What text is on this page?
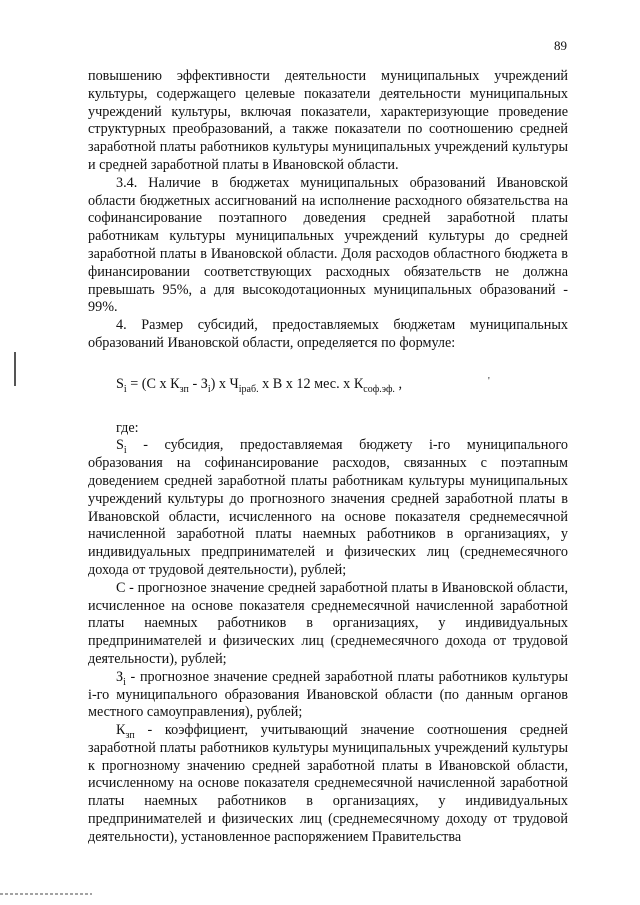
89

повышению эффективности деятельности муниципальных учреждений культуры, содержащего целевые показатели деятельности муниципальных учреждений культуры, включая показатели, характеризующие проведение структурных преобразований, а также показатели по соотношению средней заработной платы работников культуры муниципальных учреждений культуры и средней заработной платы в Ивановской области.

3.4. Наличие в бюджетах муниципальных образований Ивановской области бюджетных ассигнований на исполнение расходного обязательства на софинансирование поэтапного доведения средней заработной платы работникам культуры муниципальных учреждений культуры до средней заработной платы в Ивановской области. Доля расходов областного бюджета в финансировании соответствующих расходных обязательств не должна превышать 95%, а для высокодотационных муниципальных образований - 99%.

4. Размер субсидий, предоставляемых бюджетам муниципальных образований Ивановской области, определяется по формуле:

$S_i = (С$ х $К_{зп} - З_i$) х $Ч_{iраб.}$ х В х 12 мес. х $К_{соф.эф.}$ ,	'

где:

$S_i$ - субсидия, предоставляемая бюджету i-го муниципального образования на софинансирование расходов, связанных с поэтапным доведением средней заработной платы работникам культуры муниципальных учреждений культуры до прогнозного значения средней заработной платы в Ивановской области, исчисленного на основе показателя среднемесячной начисленной заработной платы наемных работников в организациях, у индивидуальных предпринимателей и физических лиц (среднемесячного дохода от трудовой деятельности), рублей;

С - прогнозное значение средней заработной платы в Ивановской области, исчисленное на основе показателя среднемесячной начисленной заработной платы наемных работников в организациях, у индивидуальных предпринимателей и физических лиц (среднемесячного дохода от трудовой деятельности), рублей;

$З_i$ - прогнозное значение средней заработной платы работников культуры i-го муниципального образования Ивановской области (по данным органов местного самоуправления), рублей;

$К_{зп}$ - коэффициент, учитывающий значение соотношения средней заработной платы работников культуры муниципальных учреждений культуры к прогнозному значению средней заработной платы в Ивановской области, исчисленному на основе показателя среднемесячной начисленной заработной платы наемных работников в организациях, у индивидуальных предпринимателей и физических лиц (среднемесячному доходу от трудовой деятельности), установленное распоряжением Правительства
